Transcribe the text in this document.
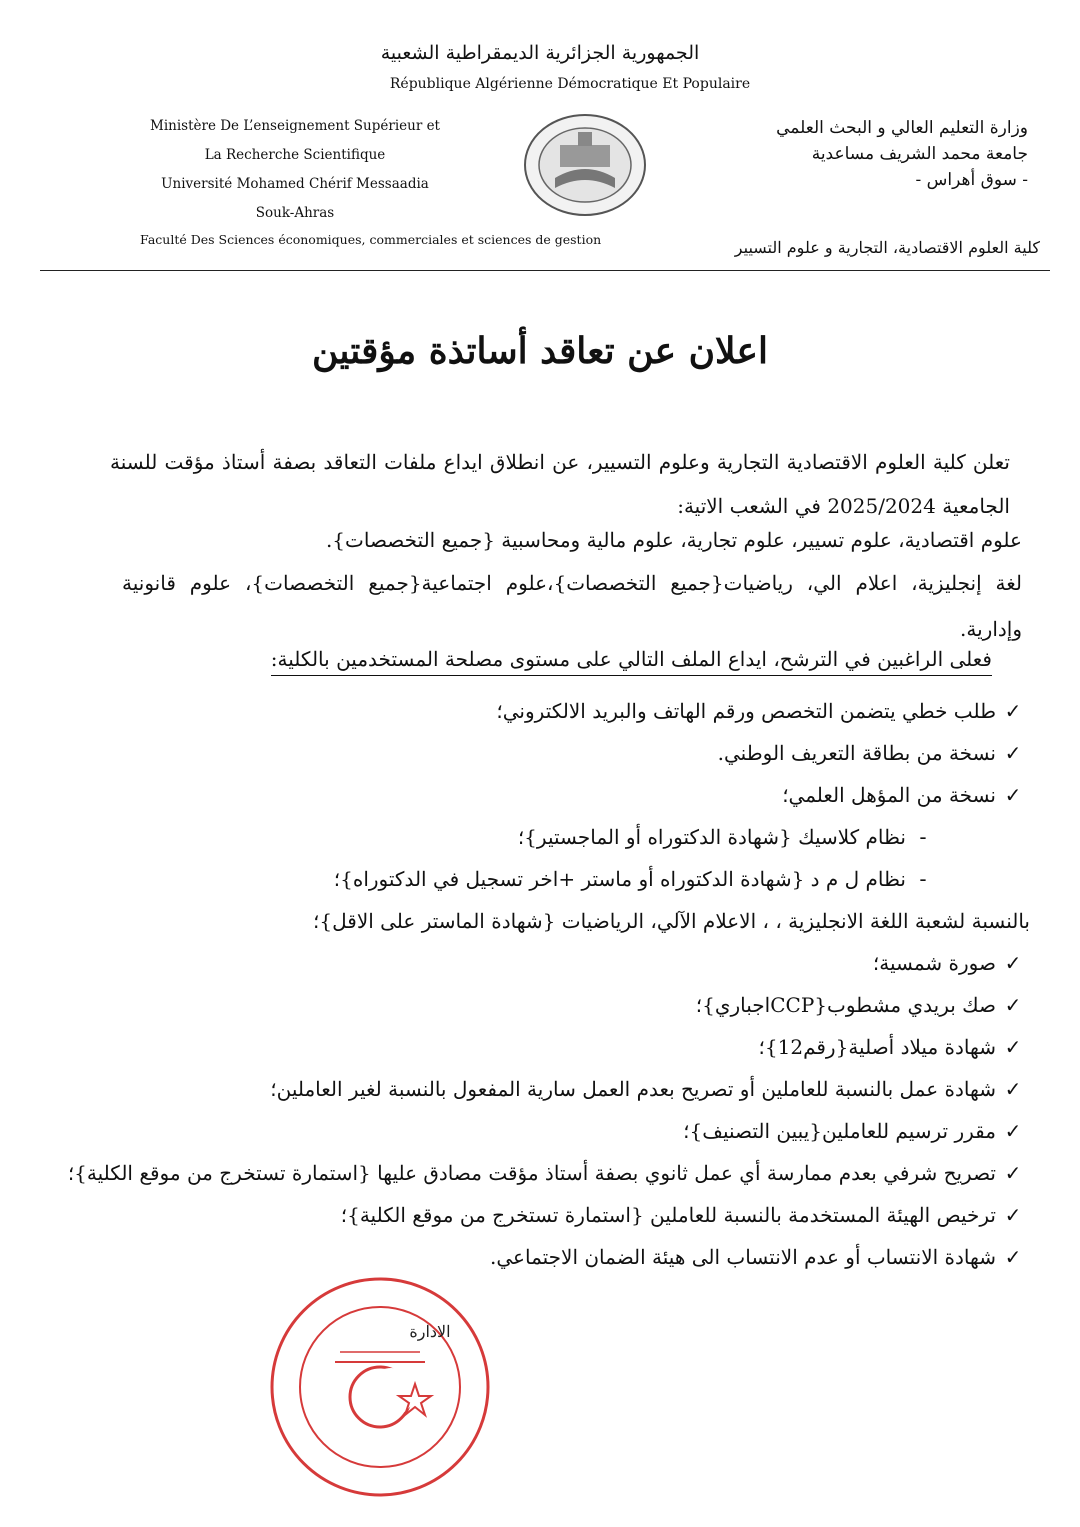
الجمهورية الجزائرية الديمقراطية الشعبية
République Algérienne Démocratique Et Populaire
Ministère De L’enseignement Supérieur et
La Recherche Scientifique
Université Mohamed Chérif Messaadia
Souk-Ahras
Faculté Des Sciences économiques, commerciales et sciences de gestion
وزارة التعليم العالي و البحث العلمي
جامعة محمد الشريف مساعدية
- سوق أهراس -
كلية العلوم الاقتصادية، التجارية و علوم التسيير
اعلان عن تعاقد أساتذة مؤقتين
تعلن كلية العلوم الاقتصادية التجارية وعلوم التسيير، عن انطلاق ايداع ملفات التعاقد بصفة أستاذ مؤقت للسنة الجامعية 2025/2024 في الشعب الاتية:
علوم اقتصادية، علوم تسيير، علوم تجارية، علوم مالية ومحاسبية {جميع التخصصات}.
لغة إنجليزية، اعلام الي، رياضيات{جميع التخصصات}،علوم اجتماعية{جميع التخصصات}، علوم قانونية وإدارية.
فعلى الراغبين في الترشح، ايداع الملف التالي على مستوى مصلحة المستخدمين بالكلية:
✓
طلب خطي يتضمن التخصص ورقم الهاتف والبريد الالكتروني؛
✓
نسخة من بطاقة التعريف الوطني.
✓
نسخة من المؤهل العلمي؛
-
نظام كلاسيك {شهادة الدكتوراه أو الماجستير}؛
-
نظام ل م د {شهادة الدكتوراه أو ماستر +اخر تسجيل في الدكتوراه}؛
بالنسبة لشعبة اللغة الانجليزية ، ، الاعلام الآلي، الرياضيات {شهادة الماستر على الاقل}؛
✓
صورة شمسية؛
✓
صك بريدي مشطوب{CCPاجباري}؛
✓
شهادة ميلاد أصلية{رقم12}؛
✓
شهادة عمل بالنسبة للعاملين أو تصريح بعدم العمل سارية المفعول بالنسبة لغير العاملين؛
✓
مقرر ترسيم للعاملين{يبين التصنيف}؛
✓
تصريح شرفي بعدم ممارسة أي عمل ثانوي بصفة أستاذ مؤقت مصادق عليها {استمارة تستخرج من موقع الكلية}؛
✓
ترخيص الهيئة المستخدمة بالنسبة للعاملين {استمارة تستخرج من موقع الكلية}؛
✓
شهادة الانتساب أو عدم الانتساب الى هيئة الضمان الاجتماعي.
الادارة
